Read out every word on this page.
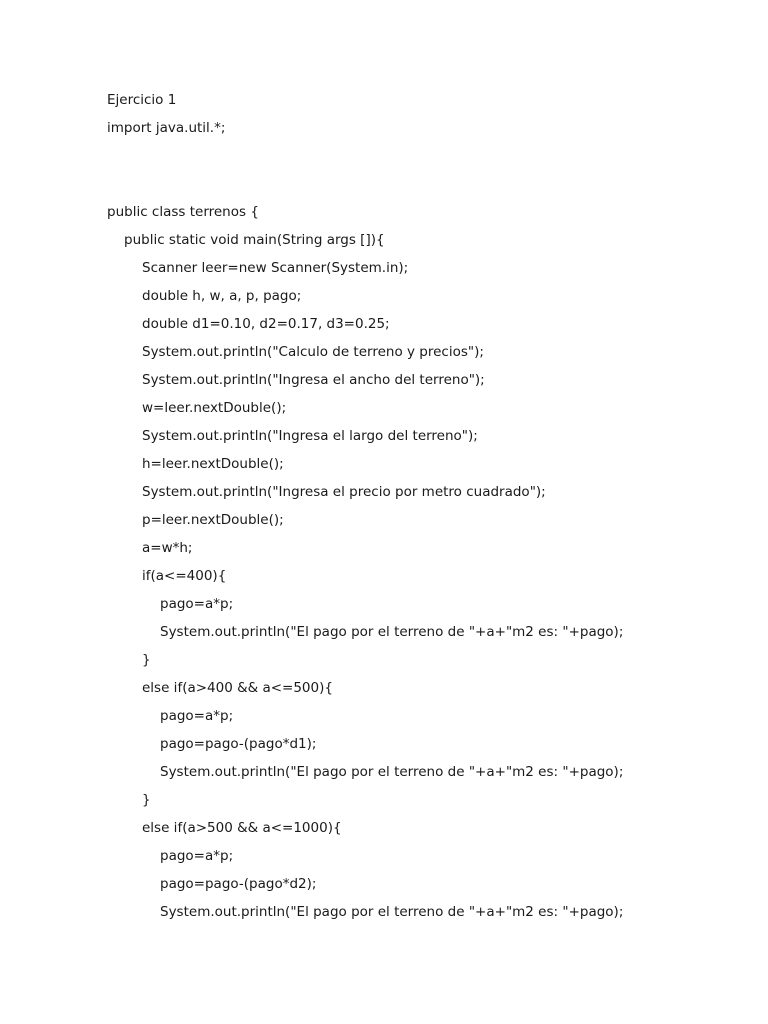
Ejercicio 1
import java.util.*;
public class terrenos {
public static void main(String args []){
Scanner leer=new Scanner(System.in);
double h, w, a, p, pago;
double d1=0.10, d2=0.17, d3=0.25;
System.out.println("Calculo de terreno y precios");
System.out.println("Ingresa el ancho del terreno");
w=leer.nextDouble();
System.out.println("Ingresa el largo del terreno");
h=leer.nextDouble();
System.out.println("Ingresa el precio por metro cuadrado");
p=leer.nextDouble();
a=w*h;
if(a<=400){
pago=a*p;
System.out.println("El pago por el terreno de "+a+"m2 es: "+pago);
}
else if(a>400 && a<=500){
pago=a*p;
pago=pago-(pago*d1);
System.out.println("El pago por el terreno de "+a+"m2 es: "+pago);
}
else if(a>500 && a<=1000){
pago=a*p;
pago=pago-(pago*d2);
System.out.println("El pago por el terreno de "+a+"m2 es: "+pago);
